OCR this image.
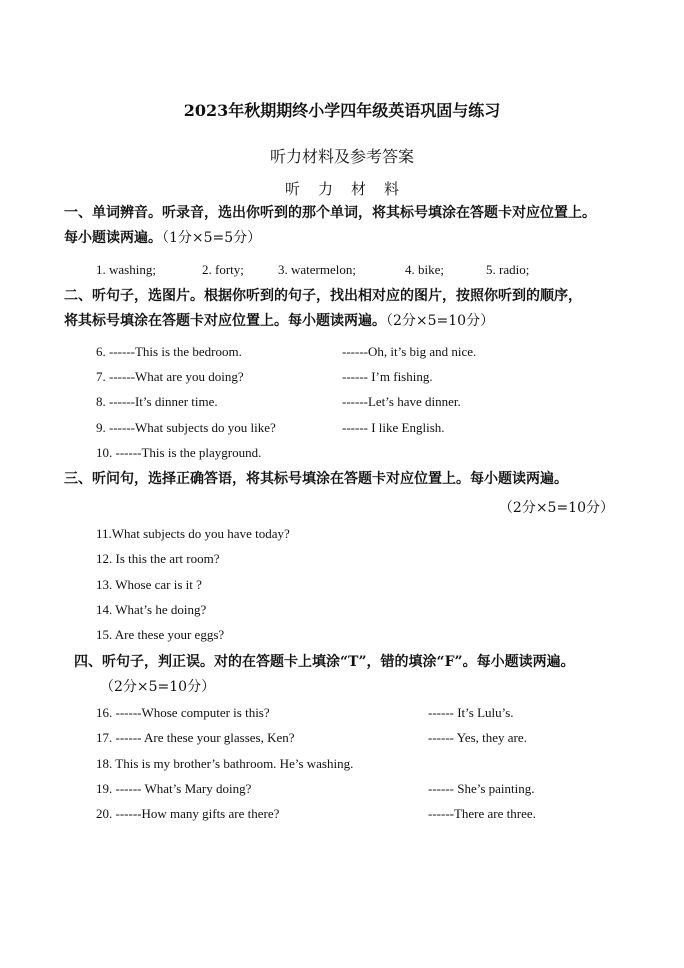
2023年秋期期终小学四年级英语巩固与练习
听力材料及参考答案
听力材料
一、单词辨音。听录音，选出你听到的那个单词，将其标号填涂在答题卡对应位置上。
每小题读两遍。（1分×5=5分）
1. washing;	2. forty;	3. watermelon;	4. bike;	5. radio;
二、听句子，选图片。根据你听到的句子，找出相对应的图片，按照你听到的顺序，
将其标号填涂在答题卡对应位置上。每小题读两遍。（2分×5=10分）
6. ------This is the bedroom.	------Oh, it’s big and nice.
7. ------What are you doing?	------ I’m fishing.
8. ------It’s dinner time.	------Let’s have dinner.
9. ------What subjects do you like?	------ I like English.
10. ------This is the playground.
三、听问句，选择正确答语，将其标号填涂在答题卡对应位置上。每小题读两遍。
（2分×5=10分）
11.What subjects do you have today?
12. Is this the art room?
13. Whose car is it ?
14. What’s he doing?
15. Are these your eggs?
四、听句子，判正误。对的在答题卡上填涂“T”，错的填涂“F”。每小题读两遍。
（2分×5=10分）
16. ------Whose computer is this?	------ It’s Lulu’s.
17. ------ Are these your glasses, Ken?	------ Yes, they are.
18. This is my brother’s bathroom. He’s washing.
19. ------ What’s Mary doing?	------ She’s painting.
20. ------How many gifts are there?	------There are three.
